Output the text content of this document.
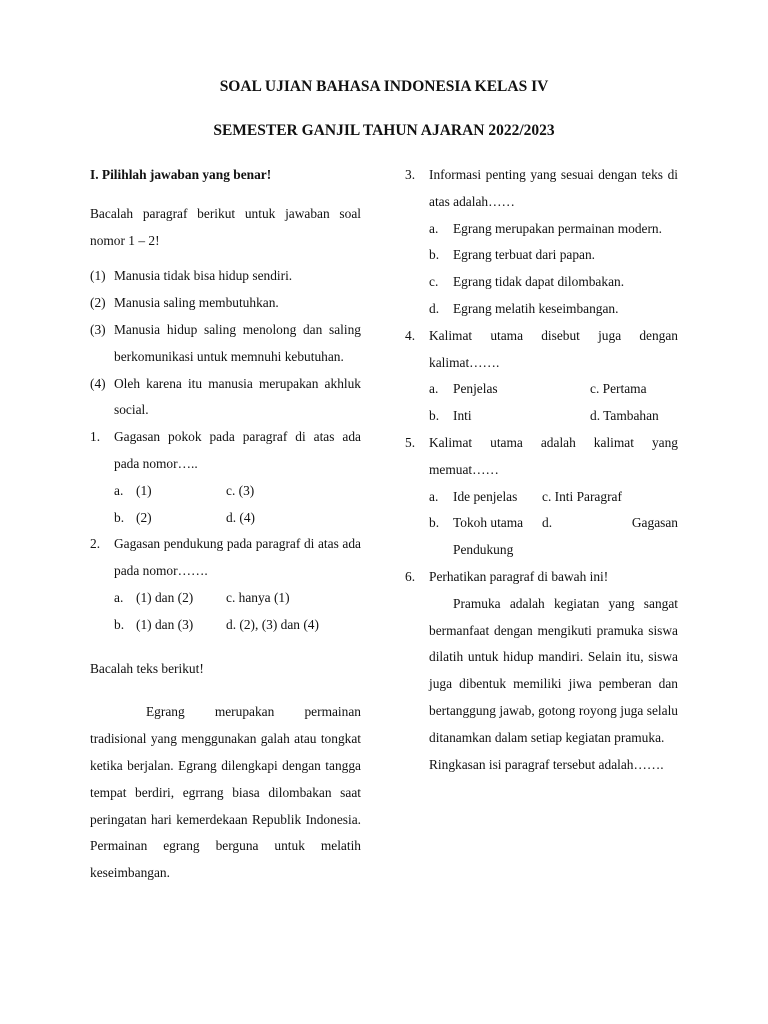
SOAL UJIAN BAHASA INDONESIA KELAS IV
SEMESTER GANJIL TAHUN AJARAN 2022/2023

I. Pilihlah jawaban yang benar!

Bacalah paragraf berikut untuk jawaban soal nomor 1 – 2!

(1) Manusia tidak bisa hidup sendiri.
(2) Manusia saling membutuhkan.
(3) Manusia hidup saling menolong dan saling berkomunikasi untuk memnuhi kebutuhan.
(4) Oleh karena itu manusia merupakan akhluk social.
1.	Gagasan pokok pada paragraf di atas ada pada nomor…..
a. (1)	c. (3)
b. (2)	d. (4)
2.	Gagasan pendukung pada paragraf di atas ada pada nomor…….
a. (1) dan (2)	c. hanya (1)
b. (1) dan (3)	d. (2), (3) dan (4)

Bacalah teks berikut!

Egrang merupakan permainan tradisional yang menggunakan galah atau tongkat ketika berjalan. Egrang dilengkapi dengan tangga tempat berdiri, egrrang biasa dilombakan saat peringatan hari kemerdekaan Republik Indonesia. Permainan egrang berguna untuk melatih keseimbangan.

3.	Informasi penting yang sesuai dengan teks di atas adalah……
a.	Egrang merupakan permainan modern.
b.	Egrang terbuat dari papan.
c.	Egrang tidak dapat dilombakan.
d.	Egrang melatih keseimbangan.
4.	Kalimat utama disebut juga dengan kalimat…….
a.	Penjelas	c. Pertama
b.	Inti	d. Tambahan
5.	Kalimat utama adalah kalimat yang memuat……
a.	Ide penjelas	c. Inti Paragraf
b.	Tokoh utama	d.	Gagasan
Pendukung
6.	Perhatikan paragraf di bawah ini!

Pramuka adalah kegiatan yang sangat bermanfaat dengan mengikuti pramuka siswa dilatih untuk hidup mandiri. Selain itu, siswa juga dibentuk memiliki jiwa pemberan dan bertanggung jawab, gotong royong juga selalu ditanamkan dalam setiap kegiatan pramuka.

Ringkasan isi paragraf tersebut adalah…….
